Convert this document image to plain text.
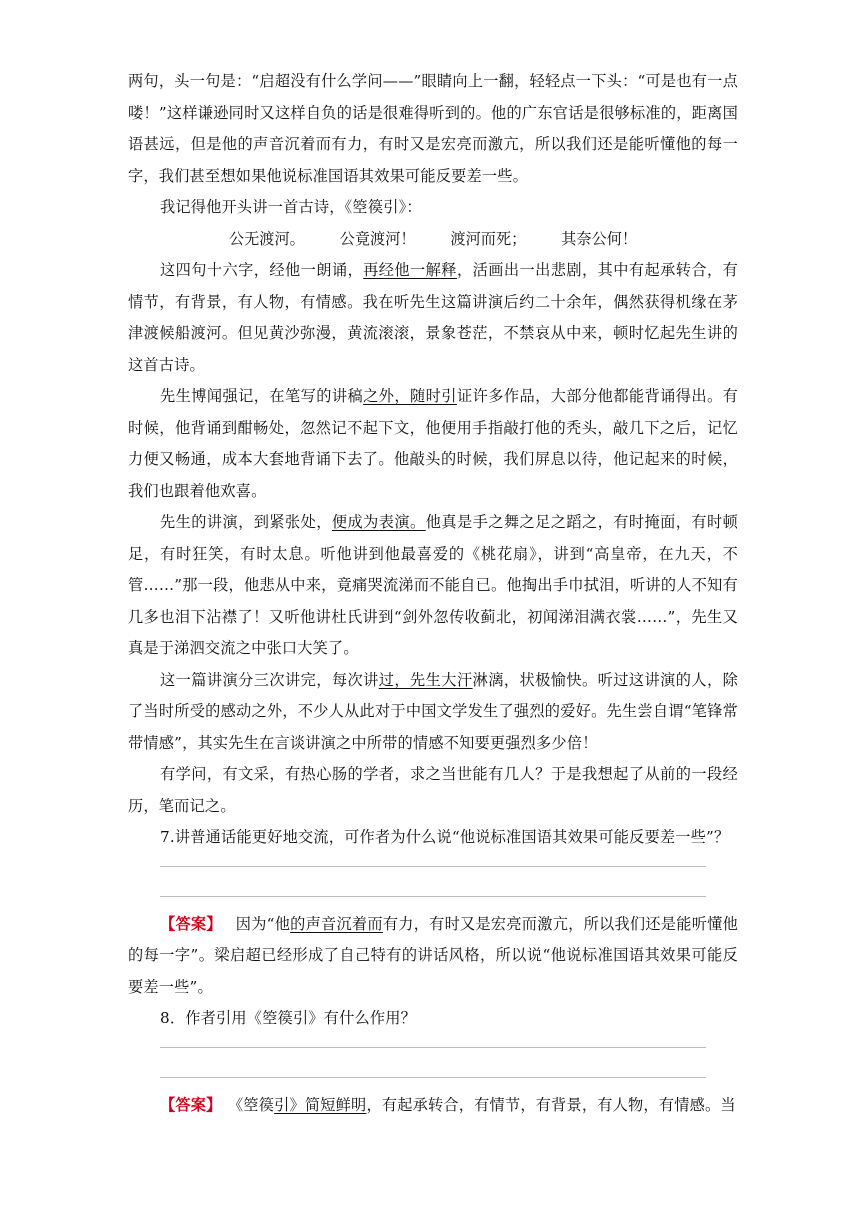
两句，头一句是：“启超没有什么学问——”眼睛向上一翻，轻轻点一下头：“可是也有一点喽！”这样谦逊同时又这样自负的话是很难得听到的。他的广东官话是很够标准的，距离国语甚远，但是他的声音沉着而有力，有时又是宏亮而激亢，所以我们还是能听懂他的每一字，我们甚至想如果他说标准国语其效果可能反要差一些。

我记得他开头讲一首古诗，《箜篌引》：

公无渡河。 公竟渡河！ 渡河而死； 其奈公何！

这四句十六字，经他一朗诵，再经他一解释，活画出一出悲剧，其中有起承转合，有情节，有背景，有人物，有情感。我在听先生这篇讲演后约二十余年，偶然获得机缘在茅津渡候船渡河。但见黄沙弥漫，黄流滚滚，景象苍茫，不禁哀从中来，顿时忆起先生讲的这首古诗。

先生博闻强记，在笔写的讲稿之外，随时引证许多作品，大部分他都能背诵得出。有时候，他背诵到酣畅处，忽然记不起下文，他便用手指敲打他的秃头，敲几下之后，记忆力便又畅通，成本大套地背诵下去了。他敲头的时候，我们屏息以待，他记起来的时候，我们也跟着他欢喜。

先生的讲演，到紧张处，便成为表演。他真是手之舞之足之蹈之，有时掩面，有时顿足，有时狂笑，有时太息。听他讲到他最喜爱的《桃花扇》，讲到“高皇帝，在九天，不管……”那一段，他悲从中来，竟痛哭流涕而不能自已。他掏出手巾拭泪，听讲的人不知有几多也泪下沾襟了！又听他讲杜氏讲到“剑外忽传收蓟北，初闻涕泪满衣裳……”，先生又真是于涕泗交流之中张口大笑了。

这一篇讲演分三次讲完，每次讲过，先生大汗淋漓，状极愉快。听过这讲演的人，除了当时所受的感动之外，不少人从此对于中国文学发生了强烈的爱好。先生尝自谓“笔锋常带情感”，其实先生在言谈讲演之中所带的情感不知要更强烈多少倍！

有学问，有文采，有热心肠的学者，求之当世能有几人？于是我想起了从前的一段经历，笔而记之。

7.讲普通话能更好地交流，可作者为什么说“他说标准国语其效果可能反要差一些”？

【答案】 因为“他的声音沉着而有力，有时又是宏亮而激亢，所以我们还是能听懂他的每一字”。梁启超已经形成了自己特有的讲话风格，所以说“他说标准国语其效果可能反要差一些”。

8．作者引用《箜篌引》有什么作用？

【答案】 《箜篌引》简短鲜明，有起承转合，有情节，有背景，有人物，有情感。当
